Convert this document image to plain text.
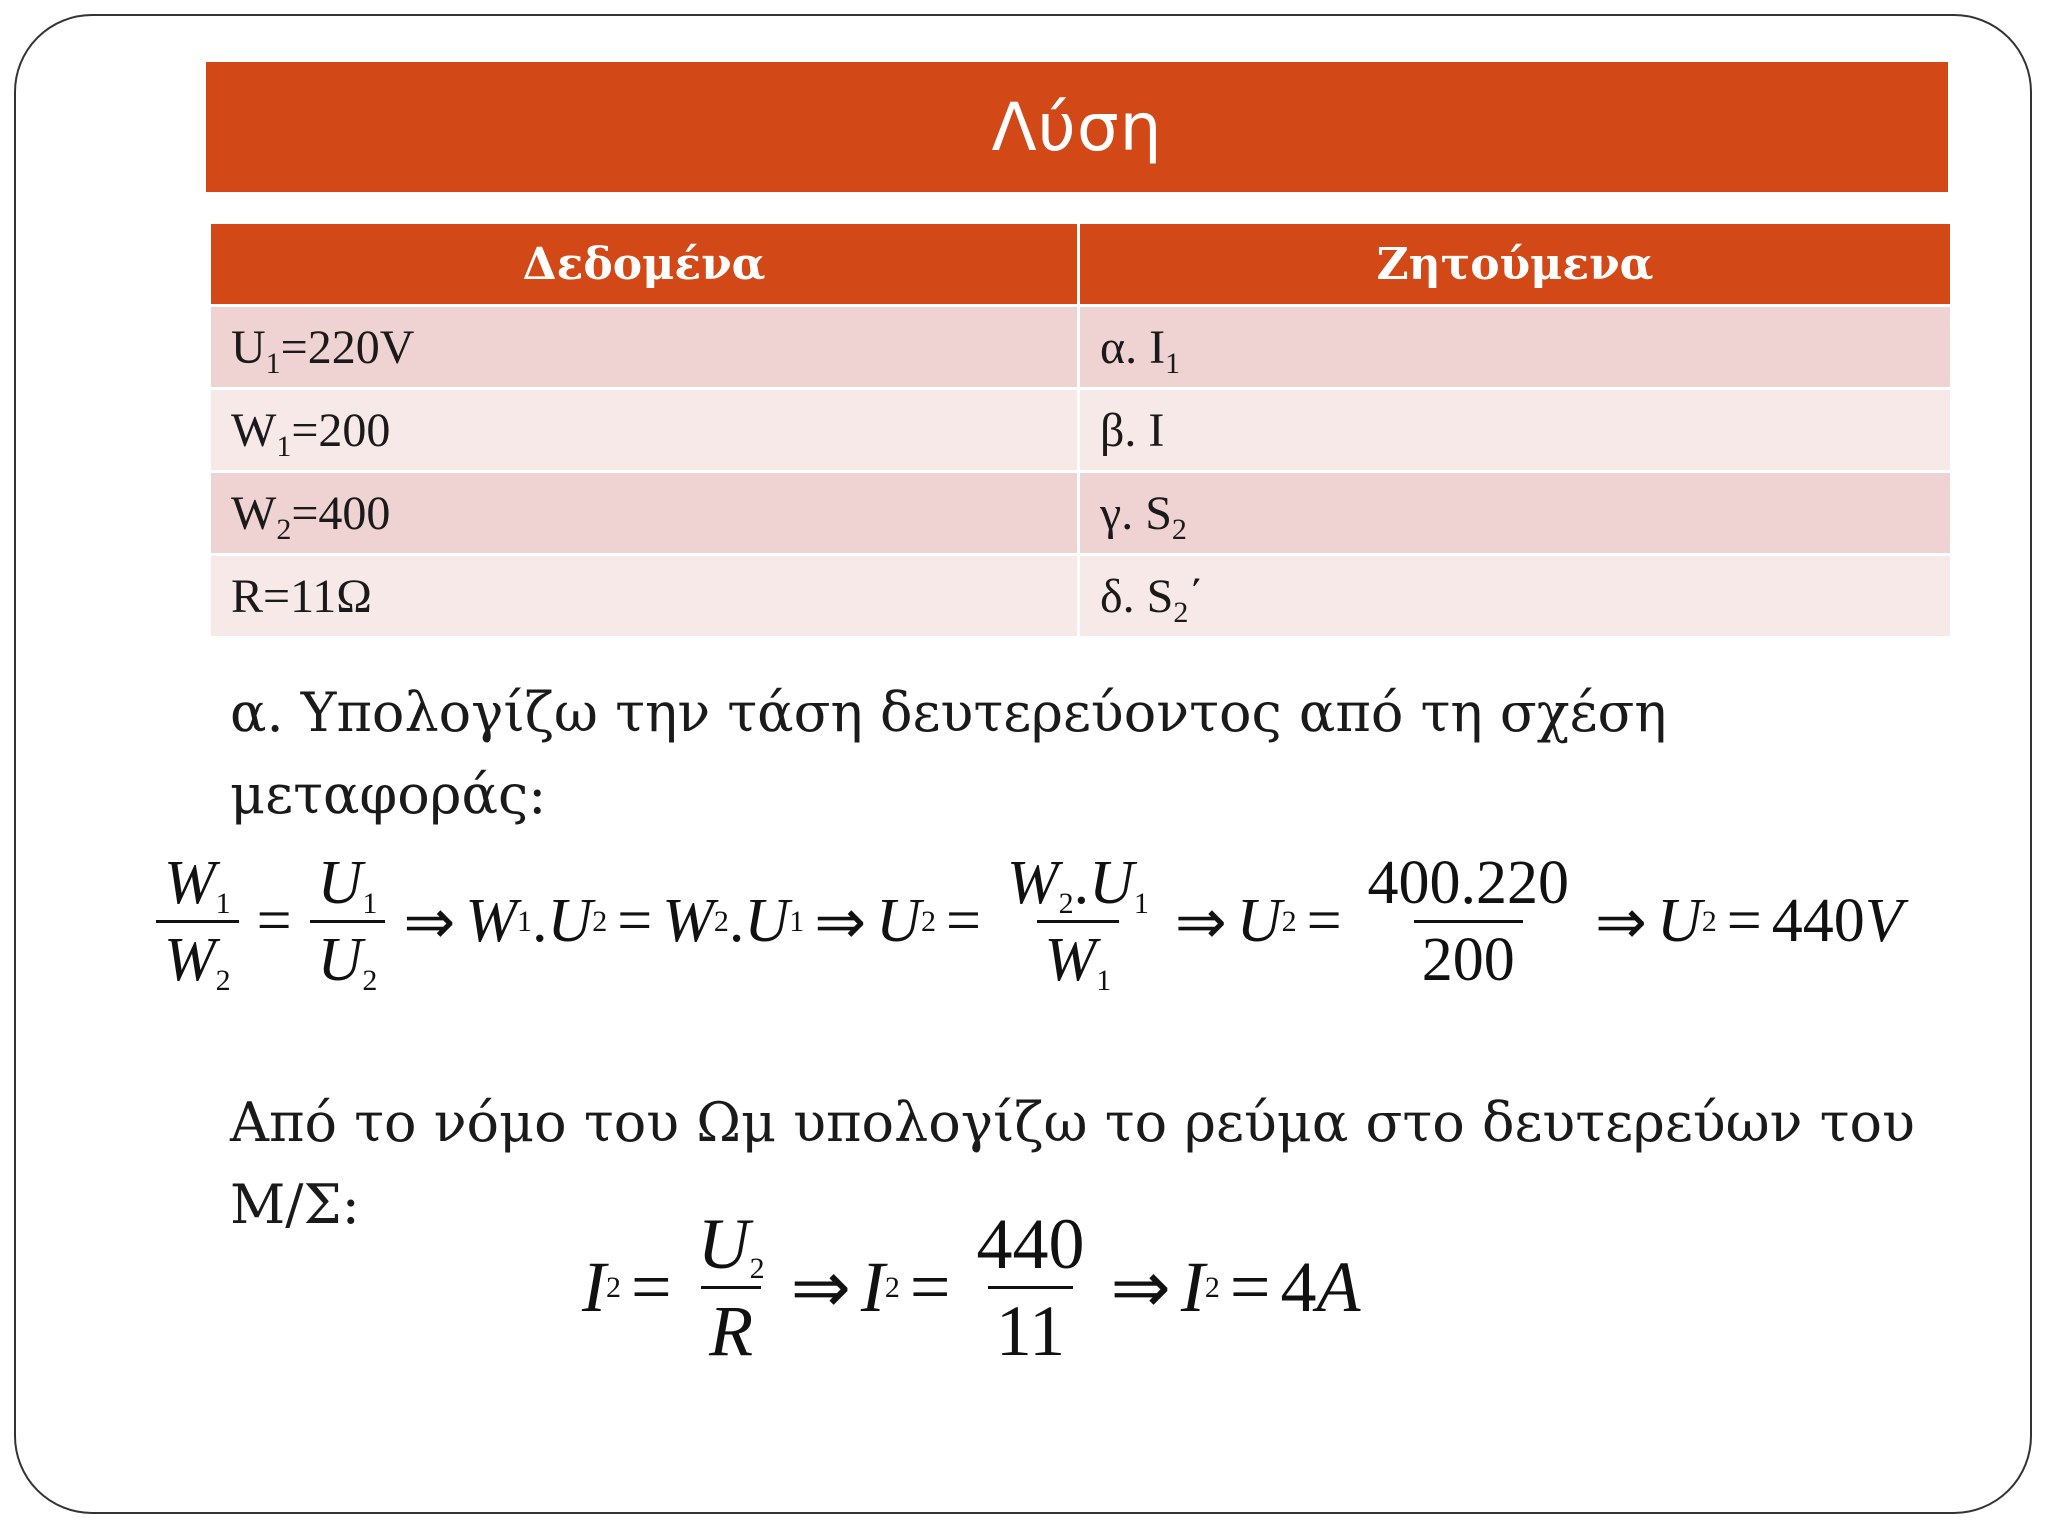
Λύση
Δεδομένα	Ζητούμενα
$U_1=220V$	α. $I_1$
$W_1=200$	β. I
$W_2=400$	γ. $S_2$
R=11Ω	δ. $S_2΄$
α. Υπολογίζω την τάση δευτερεύοντος από τη σχέση μεταφοράς:
$\frac{W_1}{W_2} = \frac{U_1}{U_2}$ ⇒ W 1 . U 2 = W 2 . U 1 ⇒ U $2 = \frac{W_2.U_1}{W_1}$ ⇒ U $2 = \frac{400.220}{200}$ ⇒ U 2 = 440V
Από το νόμο του Ωμ υπολογίζω το ρεύμα στο δευτερεύων του Μ/Σ:
I $2 = \frac{U_2}{R}$ ⇒ I $2 = \frac{440}{11}$ ⇒ I 2 = 4A
